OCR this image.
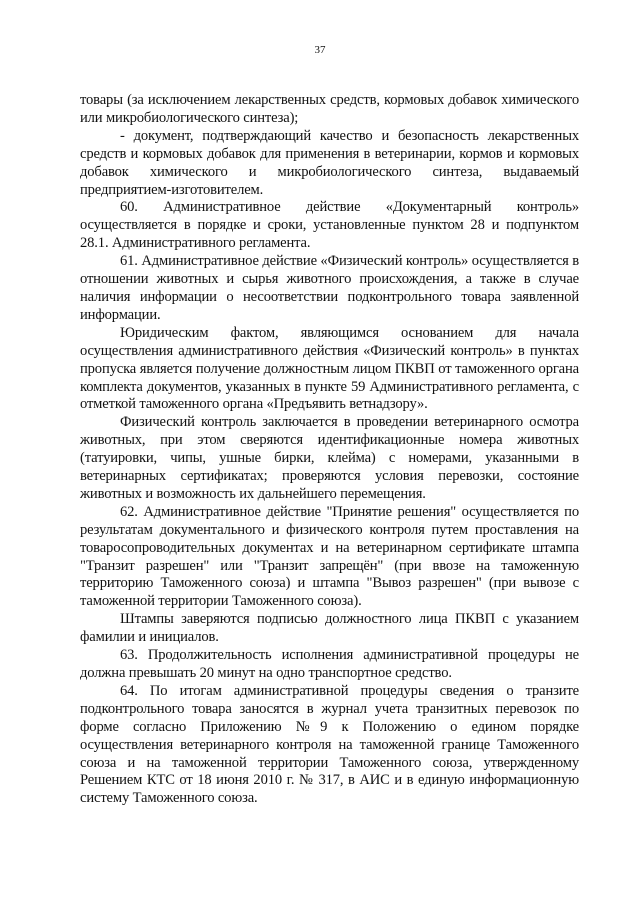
37

товары (за исключением лекарственных средств, кормовых добавок химического или микробиологического синтеза);

- документ, подтверждающий качество и безопасность лекарственных средств и кормовых добавок для применения в ветеринарии, кормов и кормовых добавок химического и микробиологического синтеза, выдаваемый предприятием-изготовителем.

60. Административное действие «Документарный контроль» осуществляется в порядке и сроки, установленные пунктом 28 и подпунктом 28.1. Административного регламента.

61. Административное действие «Физический контроль» осуществляется в отношении животных и сырья животного происхождения, а также в случае наличия информации о несоответствии подконтрольного товара заявленной информации.

Юридическим фактом, являющимся основанием для начала осуществления административного действия «Физический контроль» в пунктах пропуска является получение должностным лицом ПКВП от таможенного органа комплекта документов, указанных в пункте 59 Административного регламента, с отметкой таможенного органа «Предъявить ветнадзору».

Физический контроль заключается в проведении ветеринарного осмотра животных, при этом сверяются идентификационные номера животных (татуировки, чипы, ушные бирки, клейма) с номерами, указанными в ветеринарных сертификатах; проверяются условия перевозки, состояние животных и возможность их дальнейшего перемещения.

62. Административное действие "Принятие решения" осуществляется по результатам документального и физического контроля путем проставления на товаросопроводительных документах и на ветеринарном сертификате штампа "Транзит разрешен" или "Транзит запрещён" (при ввозе на таможенную территорию Таможенного союза) и штампа "Вывоз разрешен" (при вывозе с таможенной территории Таможенного союза).

Штампы заверяются подписью должностного лица ПКВП с указанием фамилии и инициалов.

63. Продолжительность исполнения административной процедуры не должна превышать 20 минут на одно транспортное средство.

64. По итогам административной процедуры сведения о транзите подконтрольного товара заносятся в журнал учета транзитных перевозок по форме согласно Приложению №9 к Положению о едином порядке осуществления ветеринарного контроля на таможенной границе Таможенного союза и на таможенной территории Таможенного союза, утвержденному Решением КТС от 18 июня 2010 г. № 317, в АИС и в единую информационную систему Таможенного союза.
